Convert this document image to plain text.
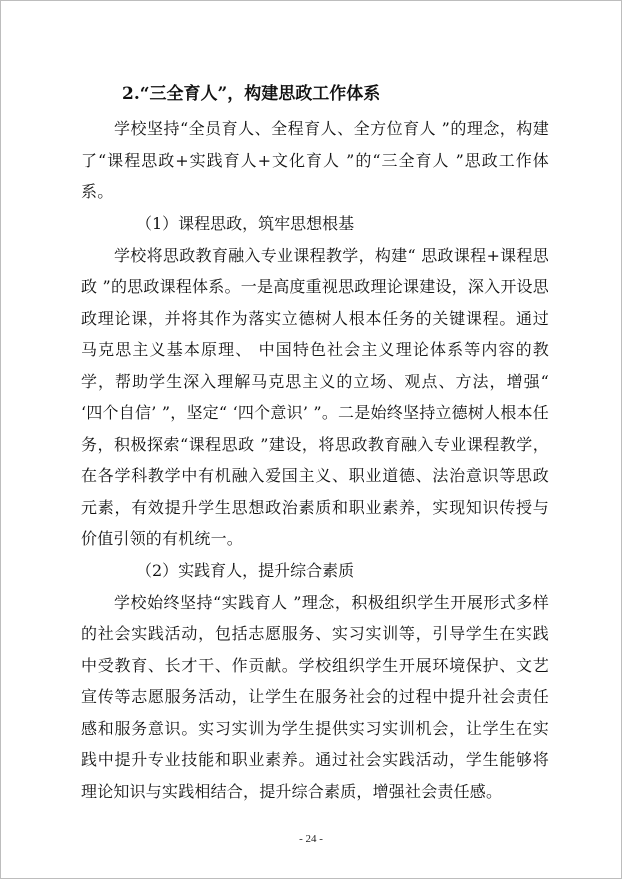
2.“三全育人”，构建思政工作体系

学校坚持“全员育人、全程育人、全方位育人 ”的理念，构建了“课程思政+实践育人+文化育人 ”的“三全育人 ”思政工作体系。

（1）课程思政，筑牢思想根基

学校将思政教育融入专业课程教学，构建“ 思政课程+课程思政 ”的思政课程体系。一是高度重视思政理论课建设，深入开设思政理论课，并将其作为落实立德树人根本任务的关键课程。通过马克思主义基本原理、 中国特色社会主义理论体系等内容的教学，帮助学生深入理解马克思主义的立场、观点、方法，增强“ ‘四个自信’ ”，坚定“ ‘四个意识’ ”。二是始终坚持立德树人根本任务，积极探索“课程思政 ”建设，将思政教育融入专业课程教学，在各学科教学中有机融入爱国主义、职业道德、法治意识等思政元素，有效提升学生思想政治素质和职业素养，实现知识传授与价值引领的有机统一。

（2）实践育人，提升综合素质

学校始终坚持“实践育人 ”理念，积极组织学生开展形式多样的社会实践活动，包括志愿服务、实习实训等，引导学生在实践中受教育、长才干、作贡献。学校组织学生开展环境保护、文艺宣传等志愿服务活动，让学生在服务社会的过程中提升社会责任感和服务意识。实习实训为学生提供实习实训机会，让学生在实践中提升专业技能和职业素养。通过社会实践活动，学生能够将理论知识与实践相结合，提升综合素质，增强社会责任感。

- 24 -
